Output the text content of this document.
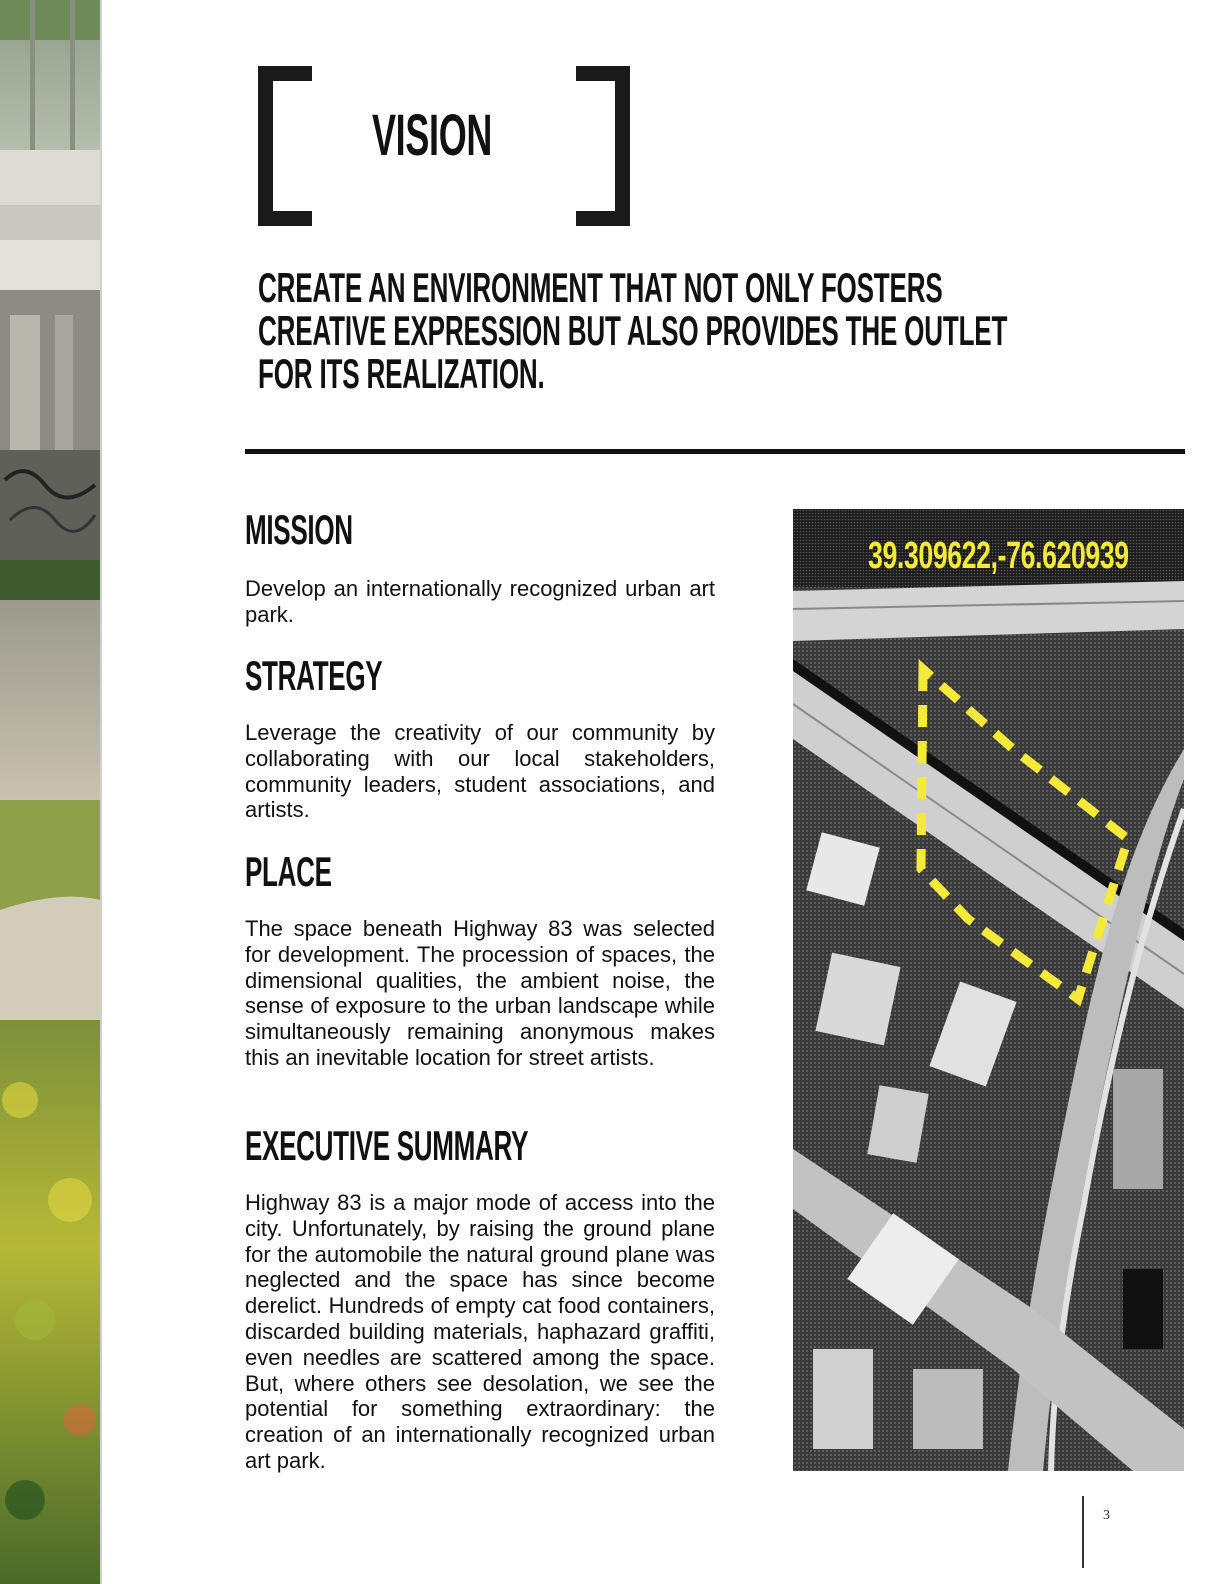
VISION
CREATE AN ENVIRONMENT THAT NOT ONLY FOSTERS
CREATIVE EXPRESSION BUT ALSO PROVIDES THE OUTLET
FOR ITS REALIZATION.
MISSION

Develop an internationally recognized urban art park.

STRATEGY

Leverage the creativity of our community by collaborating with our local stakeholders, community leaders, student associations, and artists.

PLACE

The space beneath Highway 83 was selected for development. The procession of spaces, the dimensional qualities, the ambient noise, the sense of exposure to the urban landscape while simultaneously remaining anonymous makes this an inevitable location for street artists.

EXECUTIVE SUMMARY

Highway 83 is a major mode of access into the city. Unfortunately, by raising the ground plane for the automobile the natural ground plane was neglected and the space has since become derelict. Hundreds of empty cat food containers, discarded building materials, haphazard graffiti, even needles are scattered among the space. But, where others see desolation, we see the potential for something extraordinary: the creation of an internationally recognized urban art park.

39.309622,-76.620939
3
